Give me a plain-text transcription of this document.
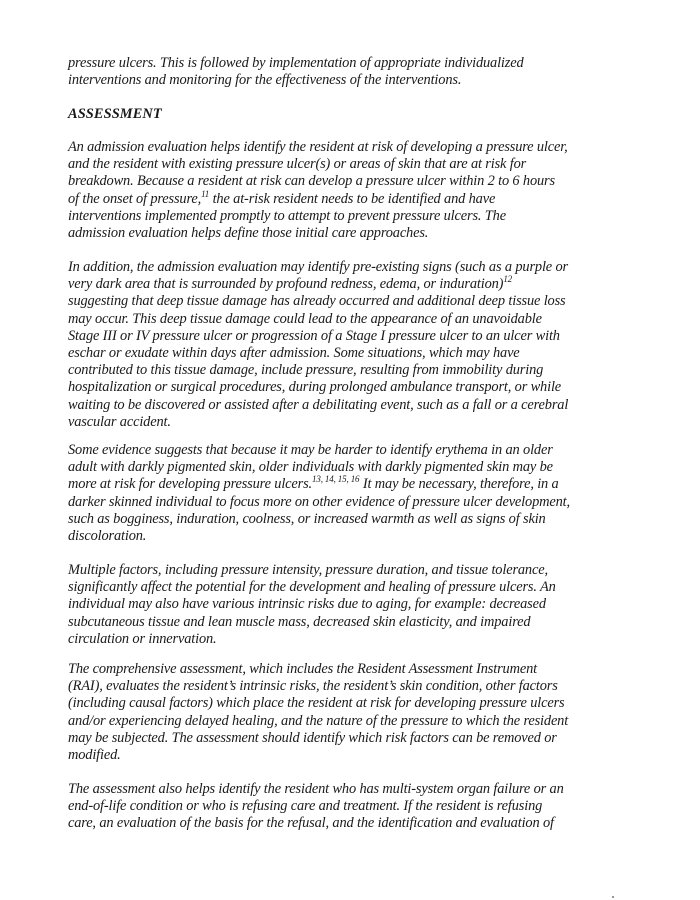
pressure ulcers. This is followed by implementation of appropriate individualized
interventions and monitoring for the effectiveness of the interventions.
ASSESSMENT
An admission evaluation helps identify the resident at risk of developing a pressure ulcer,
and the resident with existing pressure ulcer(s) or areas of skin that are at risk for
breakdown. Because a resident at risk can develop a pressure ulcer within 2 to 6 hours
of the onset of pressure,$^{11}$ the at-risk resident needs to be identified and have
interventions implemented promptly to attempt to prevent pressure ulcers. The
admission evaluation helps define those initial care approaches.
In addition, the admission evaluation may identify pre-existing signs (such as a purple or
very dark area that is surrounded by profound redness, edema, or induration)$^{12}$
suggesting that deep tissue damage has already occurred and additional deep tissue loss
may occur. This deep tissue damage could lead to the appearance of an unavoidable
Stage III or IV pressure ulcer or progression of a Stage I pressure ulcer to an ulcer with
eschar or exudate within days after admission. Some situations, which may have
contributed to this tissue damage, include pressure, resulting from immobility during
hospitalization or surgical procedures, during prolonged ambulance transport, or while
waiting to be discovered or assisted after a debilitating event, such as a fall or a cerebral
vascular accident.
Some evidence suggests that because it may be harder to identify erythema in an older
adult with darkly pigmented skin, older individuals with darkly pigmented skin may be
more at risk for developing pressure ulcers.$^{13, 14, 15, 16}$ It may be necessary, therefore, in a
darker skinned individual to focus more on other evidence of pressure ulcer development,
such as bogginess, induration, coolness, or increased warmth as well as signs of skin
discoloration.
Multiple factors, including pressure intensity, pressure duration, and tissue tolerance,
significantly affect the potential for the development and healing of pressure ulcers. An
individual may also have various intrinsic risks due to aging, for example: decreased
subcutaneous tissue and lean muscle mass, decreased skin elasticity, and impaired
circulation or innervation.
The comprehensive assessment, which includes the Resident Assessment Instrument
(RAI), evaluates the resident’s intrinsic risks, the resident’s skin condition, other factors
(including causal factors) which place the resident at risk for developing pressure ulcers
and/or experiencing delayed healing, and the nature of the pressure to which the resident
may be subjected. The assessment should identify which risk factors can be removed or
modified.
The assessment also helps identify the resident who has multi-system organ failure or an
end-of-life condition or who is refusing care and treatment. If the resident is refusing
care, an evaluation of the basis for the refusal, and the identification and evaluation of
